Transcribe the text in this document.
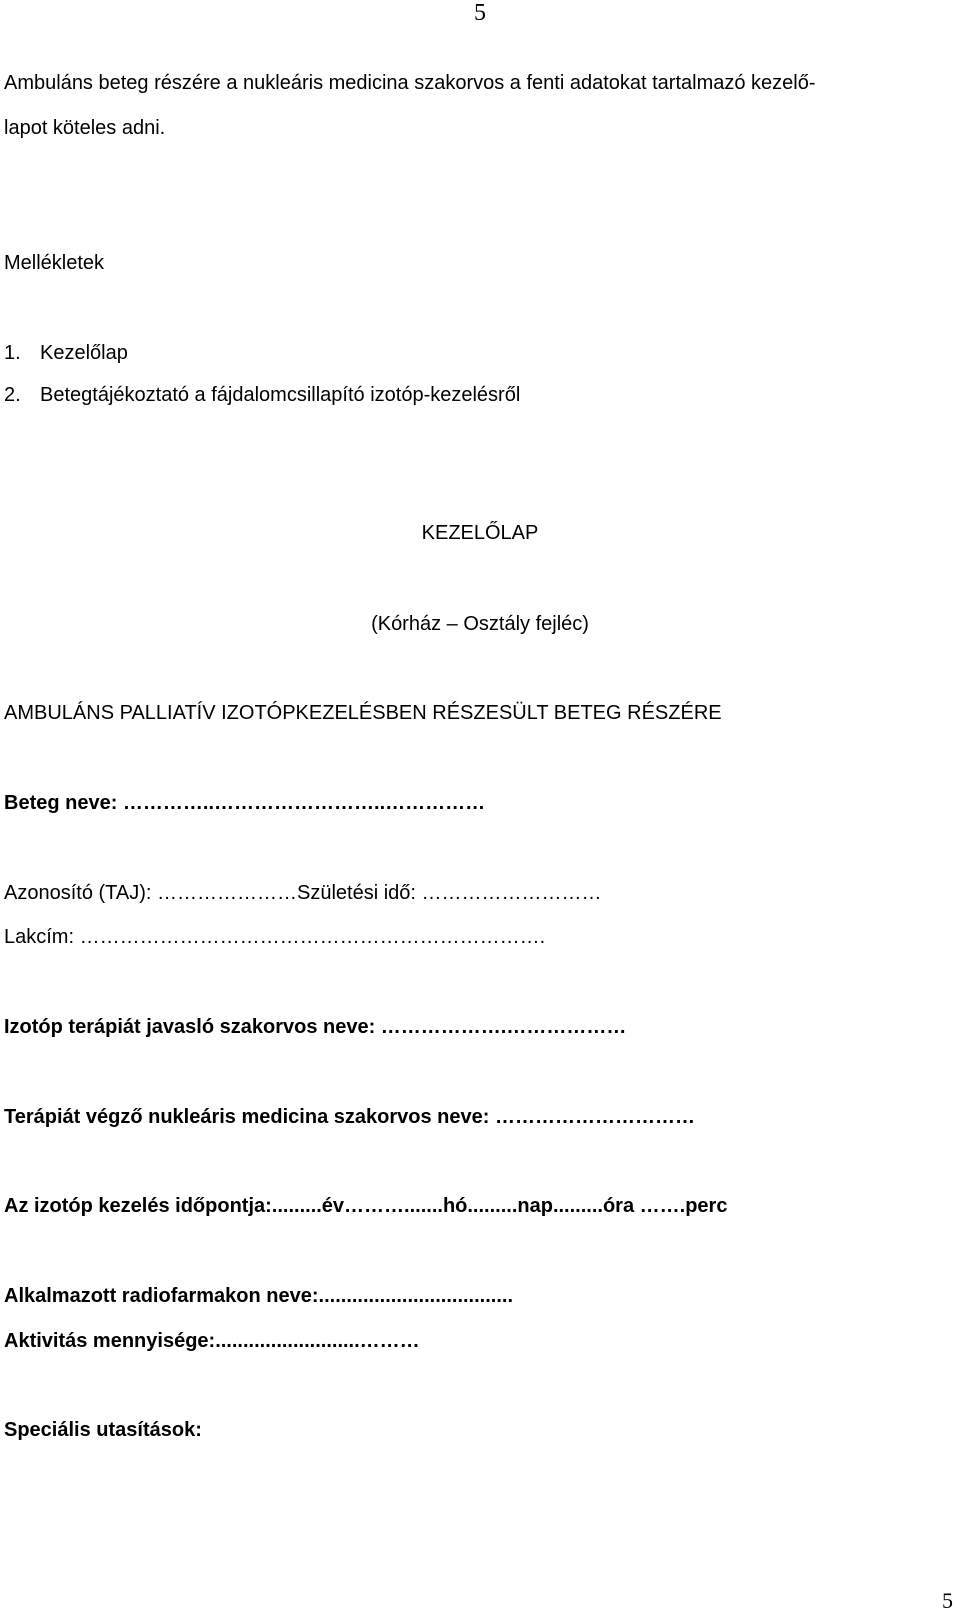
5
Ambuláns beteg részére a nukleáris medicina szakorvos a fenti adatokat tartalmazó kezelő-
lapot köteles adni.
Mellékletek
1. Kezelőlap
2. Betegtájékoztató a fájdalomcsillapító izotóp-kezelésről
KEZELŐLAP
(Kórház – Osztály fejléc)
AMBULÁNS PALLIATÍV IZOTÓPKEZELÉSBEN RÉSZESÜLT BETEG RÉSZÉRE
Beteg neve: …………..……………………..……………
Azonosító (TAJ): …………………Születési idő: ………………………
Lakcím: …………………………………………………………….
Izotóp terápiát javasló szakorvos neve: ……………….………………
Terápiát végző nukleáris medicina szakorvos neve: …………………………
Az izotóp kezelés időpontja:.........év……….......hó.........nap.........óra …….perc
Alkalmazott radiofarmakon neve:...................................
Aktivitás mennyisége:..........................………
Speciális utasítások:
5
